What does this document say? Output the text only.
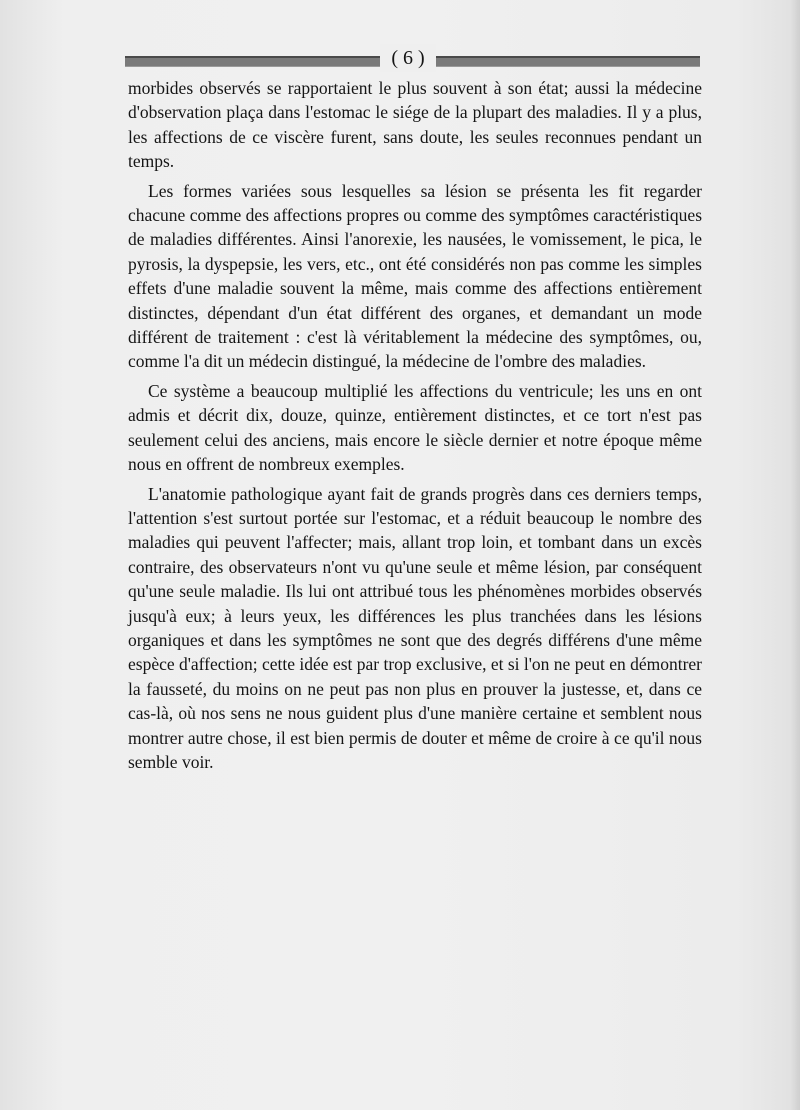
( 6 )

morbides observés se rapportaient le plus souvent à son état; aussi la médecine d'observation plaça dans l'estomac le siége de la plupart des maladies. Il y a plus, les affections de ce viscère furent, sans doute, les seules reconnues pendant un temps.

Les formes variées sous lesquelles sa lésion se présenta les fit regarder chacune comme des affections propres ou comme des symptômes caractéristiques de maladies différentes. Ainsi l'anorexie, les nausées, le vomissement, le pica, le pyrosis, la dyspepsie, les vers, etc., ont été considérés non pas comme les simples effets d'une maladie souvent la même, mais comme des affections entièrement distinctes, dépendant d'un état différent des organes, et demandant un mode différent de traitement : c'est là véritablement la médecine des symptômes, ou, comme l'a dit un médecin distingué, la médecine de l'ombre des maladies.

Ce système a beaucoup multiplié les affections du ventricule; les uns en ont admis et décrit dix, douze, quinze, entièrement distinctes, et ce tort n'est pas seulement celui des anciens, mais encore le siècle dernier et notre époque même nous en offrent de nombreux exemples.

L'anatomie pathologique ayant fait de grands progrès dans ces derniers temps, l'attention s'est surtout portée sur l'estomac, et a réduit beaucoup le nombre des maladies qui peuvent l'affecter; mais, allant trop loin, et tombant dans un excès contraire, des observateurs n'ont vu qu'une seule et même lésion, par conséquent qu'une seule maladie. Ils lui ont attribué tous les phénomènes morbides observés jusqu'à eux; à leurs yeux, les différences les plus tranchées dans les lésions organiques et dans les symptômes ne sont que des degrés différens d'une même espèce d'affection; cette idée est par trop exclusive, et si l'on ne peut en démontrer la fausseté, du moins on ne peut pas non plus en prouver la justesse, et, dans ce cas-là, où nos sens ne nous guident plus d'une manière certaine et semblent nous montrer autre chose, il est bien permis de douter et même de croire à ce qu'il nous semble voir.
